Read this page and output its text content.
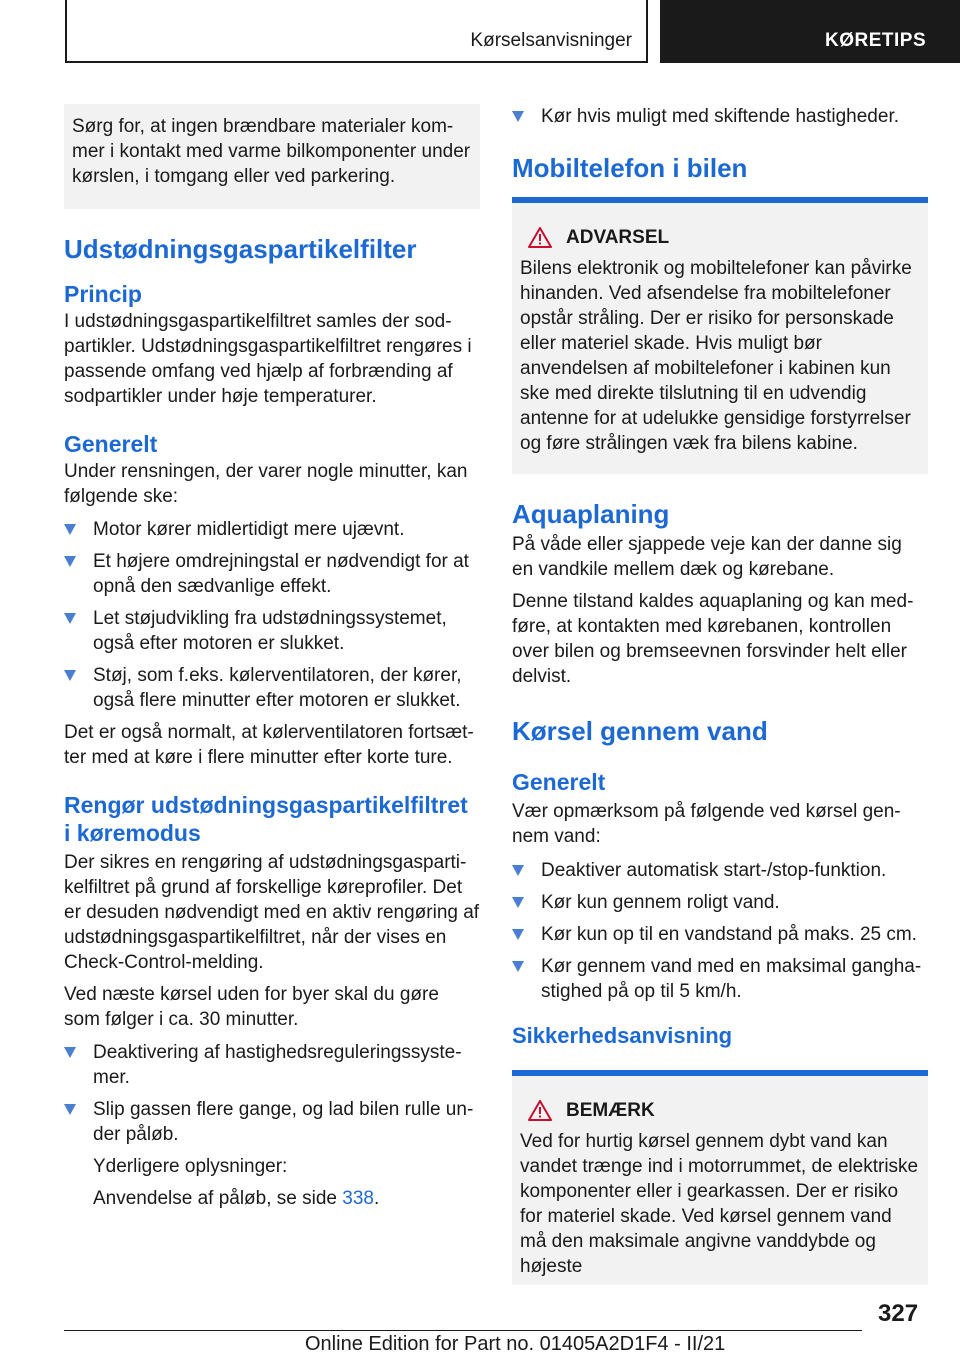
Kørselsanvisninger	KØRETIPS

Sørg for, at ingen brændbare materialer kommer i kontakt med varme bilkomponenter under kørslen, i tomgang eller ved parkering.

Udstødningsgaspartikelfilter
Princip

I udstødningsgaspartikelfiltret samles der sodpartikler. Udstødningsgaspartikelfiltret rengøres i passende omfang ved hjælp af forbrænding af sodpartikler under høje temperaturer.

Generelt

Under rensningen, der varer nogle minutter, kan følgende ske:

Motor kører midlertidigt mere ujævnt.
Et højere omdrejningstal er nødvendigt for at opnå den sædvanlige effekt.
Let støjudvikling fra udstødningssystemet, også efter motoren er slukket.
Støj, som f.eks. kølerventilatoren, der kører, også flere minutter efter motoren er slukket.

Det er også normalt, at kølerventilatoren fortsætter med at køre i flere minutter efter korte ture.

Rengør udstødningsgaspartikelfiltret i køremodus

Der sikres en rengøring af udstødningsgaspartikelfiltret på grund af forskellige køreprofiler. Det er desuden nødvendigt med en aktiv rengøring af udstødningsgaspartikelfiltret, når der vises en Check-Control-melding.

Ved næste kørsel uden for byer skal du gøre som følger i ca. 30 minutter.

Deaktivering af hastighedsreguleringssystemer.
Slip gassen flere gange, og lad bilen rulle under påløb.

Yderligere oplysninger:

Anvendelse af påløb, se side 338.

Kør hvis muligt med skiftende hastigheder.
Mobiltelefon i bilen
ADVARSEL

Bilens elektronik og mobiltelefoner kan påvirke hinanden. Ved afsendelse fra mobiltelefoner opstår stråling. Der er risiko for personskade eller materiel skade. Hvis muligt bør anvendelsen af mobiltelefoner i kabinen kun ske med direkte tilslutning til en udvendig antenne for at udelukke gensidige forstyrrelser og føre strålingen væk fra bilens kabine.

Aquaplaning

På våde eller sjappede veje kan der danne sig en vandkile mellem dæk og kørebane.

Denne tilstand kaldes aquaplaning og kan medføre, at kontakten med kørebanen, kontrollen over bilen og bremseevnen forsvinder helt eller delvist.

Kørsel gennem vand
Generelt

Vær opmærksom på følgende ved kørsel gennem vand:

Deaktiver automatisk start-/stop-funktion.
Kør kun gennem roligt vand.
Kør kun op til en vandstand på maks. 25 cm.
Kør gennem vand med en maksimal ganghastighed på op til 5 km/h.
Sikkerhedsanvisning
BEMÆRK

Ved for hurtig kørsel gennem dybt vand kan vandet trænge ind i motorrummet, de elektriske komponenter eller i gearkassen. Der er risiko for materiel skade. Ved kørsel gennem vand må den maksimale angivne vanddybde og højeste

327
Online Edition for Part no. 01405A2D1F4 - II/21
